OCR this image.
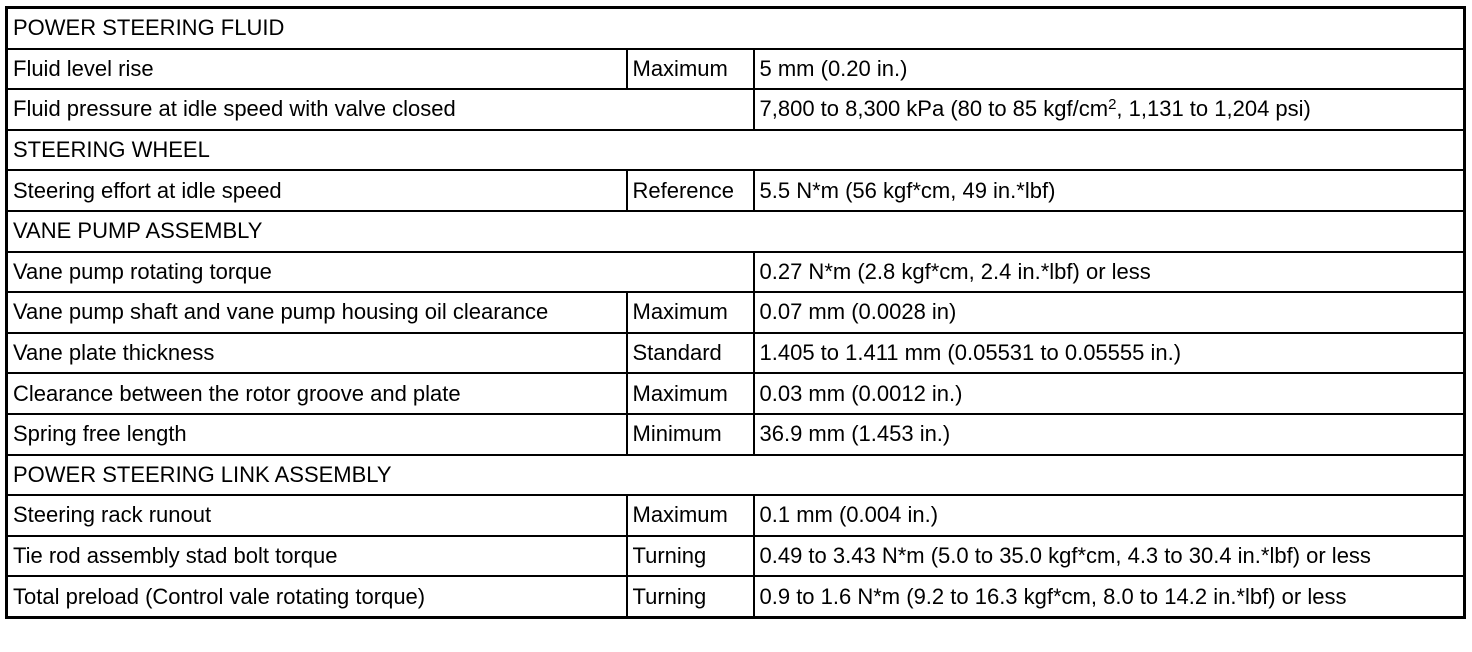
POWER STEERING FLUID		
Fluid level rise	Maximum	5 mm (0.20 in.)
Fluid pressure at idle speed with valve closed		7,800 to 8,300 kPa (80 to 85 kgf/$cm^2$, 1,131 to 1,204 psi)
STEERING WHEEL		
Steering effort at idle speed	Reference	5.5 N*m (56 kgf*cm, 49 in.*lbf)
VANE PUMP ASSEMBLY		
Vane pump rotating torque		0.27 N*m (2.8 kgf*cm, 2.4 in.*lbf) or less
Vane pump shaft and vane pump housing oil clearance	Maximum	0.07 mm (0.0028 in)
Vane plate thickness	Standard	1.405 to 1.411 mm (0.05531 to 0.05555 in.)
Clearance between the rotor groove and plate	Maximum	0.03 mm (0.0012 in.)
Spring free length	Minimum	36.9 mm (1.453 in.)
POWER STEERING LINK ASSEMBLY		
Steering rack runout	Maximum	0.1 mm (0.004 in.)
Tie rod assembly stad bolt torque	Turning	0.49 to 3.43 N*m (5.0 to 35.0 kgf*cm, 4.3 to 30.4 in.*lbf) or less
Total preload (Control vale rotating torque)	Turning	0.9 to 1.6 N*m (9.2 to 16.3 kgf*cm, 8.0 to 14.2 in.*lbf) or less
